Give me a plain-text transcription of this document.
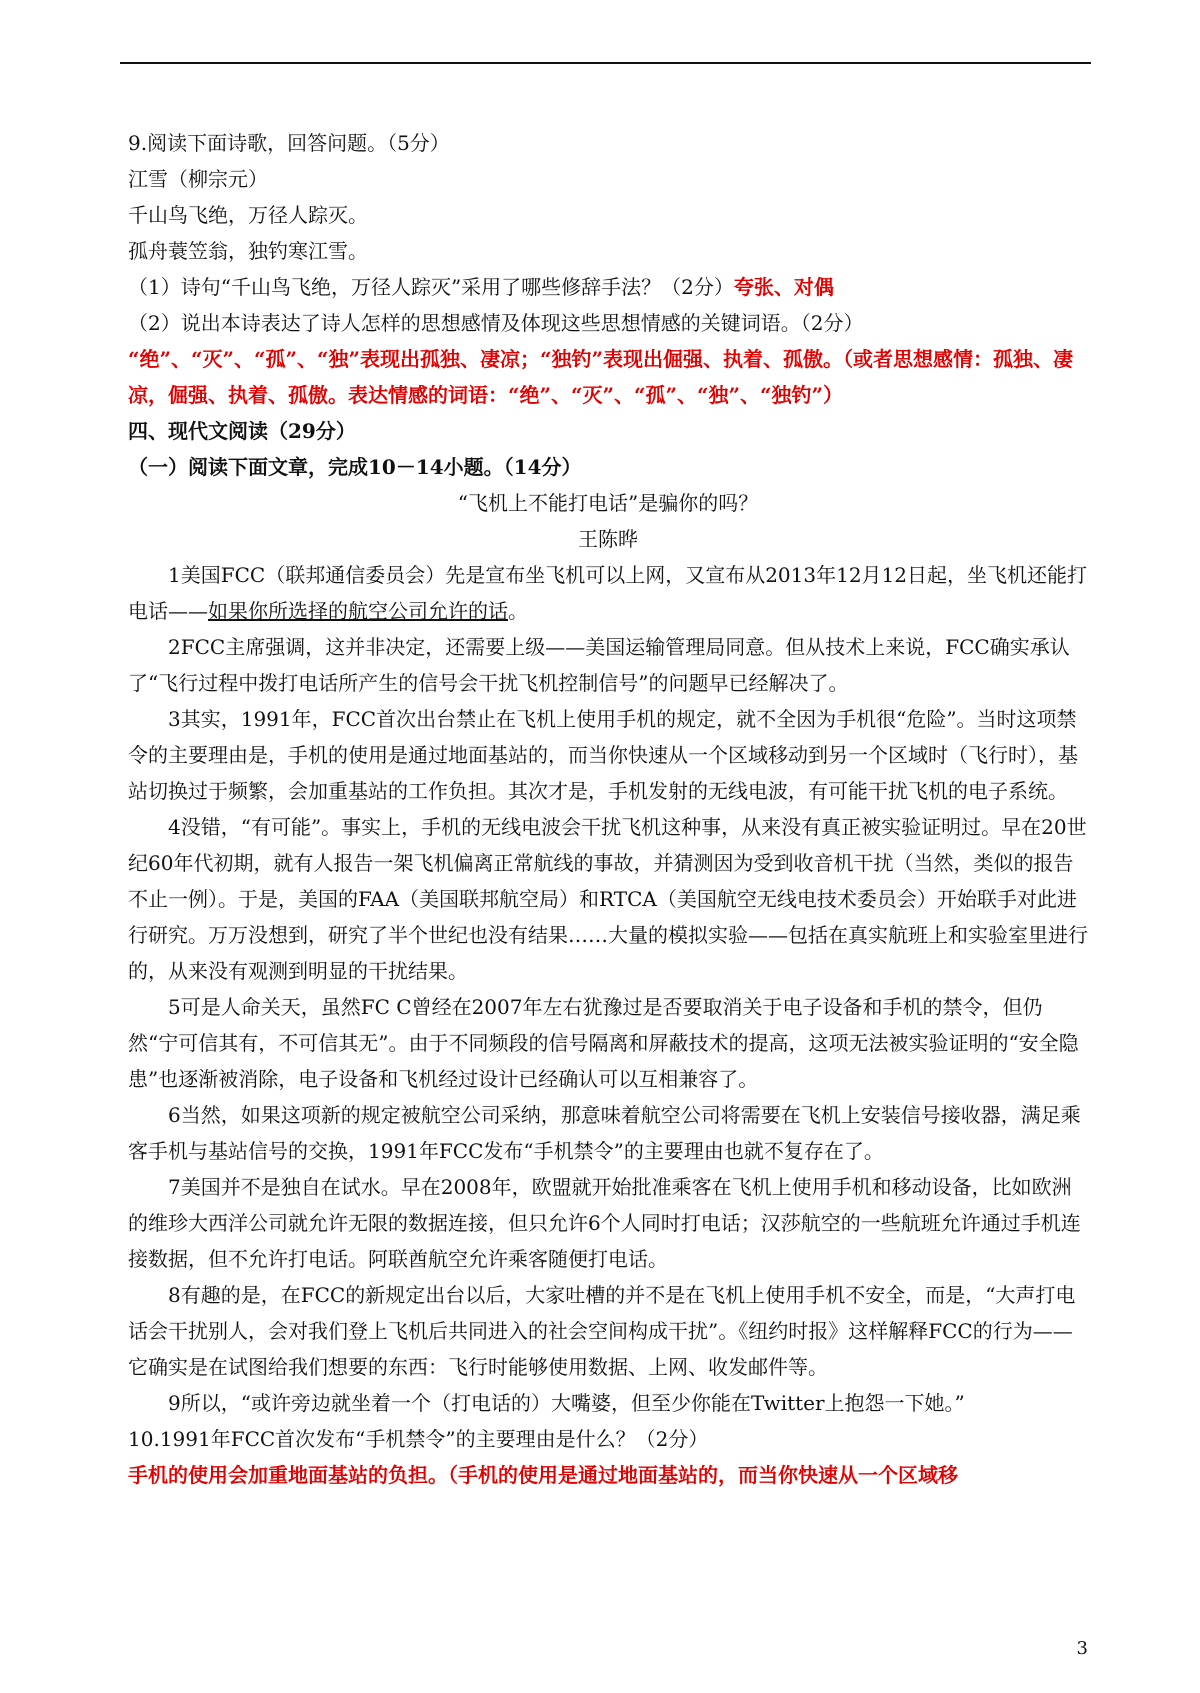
9.阅读下面诗歌，回答问题。（5分）
江雪（柳宗元）
千山鸟飞绝，万径人踪灭。
孤舟蓑笠翁，独钓寒江雪。
（1）诗句“千山鸟飞绝，万径人踪灭”采用了哪些修辞手法？（2分）夸张、对偶
（2）说出本诗表达了诗人怎样的思想感情及体现这些思想情感的关键词语。（2分）
“绝”、“灭”、“孤”、“独”表现出孤独、凄凉；“独钓”表现出倔强、执着、孤傲。（或者思想感情：孤独、凄凉，倔强、执着、孤傲。表达情感的词语：“绝”、“灭”、“孤”、“独”、“独钓”）
四、现代文阅读（29分）
（一）阅读下面文章，完成10－14小题。（14分）
“飞机上不能打电话”是骗你的吗？
王陈晔
1美国FCC（联邦通信委员会）先是宣布坐飞机可以上网，又宣布从2013年12月12日起，坐飞机还能打电话——如果你所选择的航空公司允许的话。
2FCC主席强调，这并非决定，还需要上级——美国运输管理局同意。但从技术上来说，FCC确实承认了“飞行过程中拨打电话所产生的信号会干扰飞机控制信号”的问题早已经解决了。
3其实，1991年，FCC首次出台禁止在飞机上使用手机的规定，就不全因为手机很“危险”。当时这项禁令的主要理由是，手机的使用是通过地面基站的，而当你快速从一个区域移动到另一个区域时（飞行时），基站切换过于频繁，会加重基站的工作负担。其次才是，手机发射的无线电波，有可能干扰飞机的电子系统。
4没错，“有可能”。事实上，手机的无线电波会干扰飞机这种事，从来没有真正被实验证明过。早在20世纪60年代初期，就有人报告一架飞机偏离正常航线的事故，并猜测因为受到收音机干扰（当然，类似的报告不止一例）。于是，美国的FAA（美国联邦航空局）和RTCA（美国航空无线电技术委员会）开始联手对此进行研究。万万没想到，研究了半个世纪也没有结果……大量的模拟实验——包括在真实航班上和实验室里进行的，从来没有观测到明显的干扰结果。
5可是人命关天，虽然FC C曾经在2007年左右犹豫过是否要取消关于电子设备和手机的禁令，但仍然“宁可信其有，不可信其无”。由于不同频段的信号隔离和屏蔽技术的提高，这项无法被实验证明的“安全隐患”也逐渐被消除，电子设备和飞机经过设计已经确认可以互相兼容了。
6当然，如果这项新的规定被航空公司采纳，那意味着航空公司将需要在飞机上安装信号接收器，满足乘客手机与基站信号的交换，1991年FCC发布“手机禁令”的主要理由也就不复存在了。
7美国并不是独自在试水。早在2008年，欧盟就开始批准乘客在飞机上使用手机和移动设备，比如欧洲的维珍大西洋公司就允许无限的数据连接，但只允许6个人同时打电话；汉莎航空的一些航班允许通过手机连接数据，但不允许打电话。阿联酋航空允许乘客随便打电话。
8有趣的是，在FCC的新规定出台以后，大家吐槽的并不是在飞机上使用手机不安全，而是，“大声打电话会干扰别人，会对我们登上飞机后共同进入的社会空间构成干扰”。《纽约时报》这样解释FCC的行为——它确实是在试图给我们想要的东西：飞行时能够使用数据、上网、收发邮件等。
9所以，“或许旁边就坐着一个（打电话的）大嘴婆，但至少你能在Twitter上抱怨一下她。”
10.1991年FCC首次发布“手机禁令”的主要理由是什么？（2分）
手机的使用会加重地面基站的负担。（手机的使用是通过地面基站的，而当你快速从一个区域移
3
